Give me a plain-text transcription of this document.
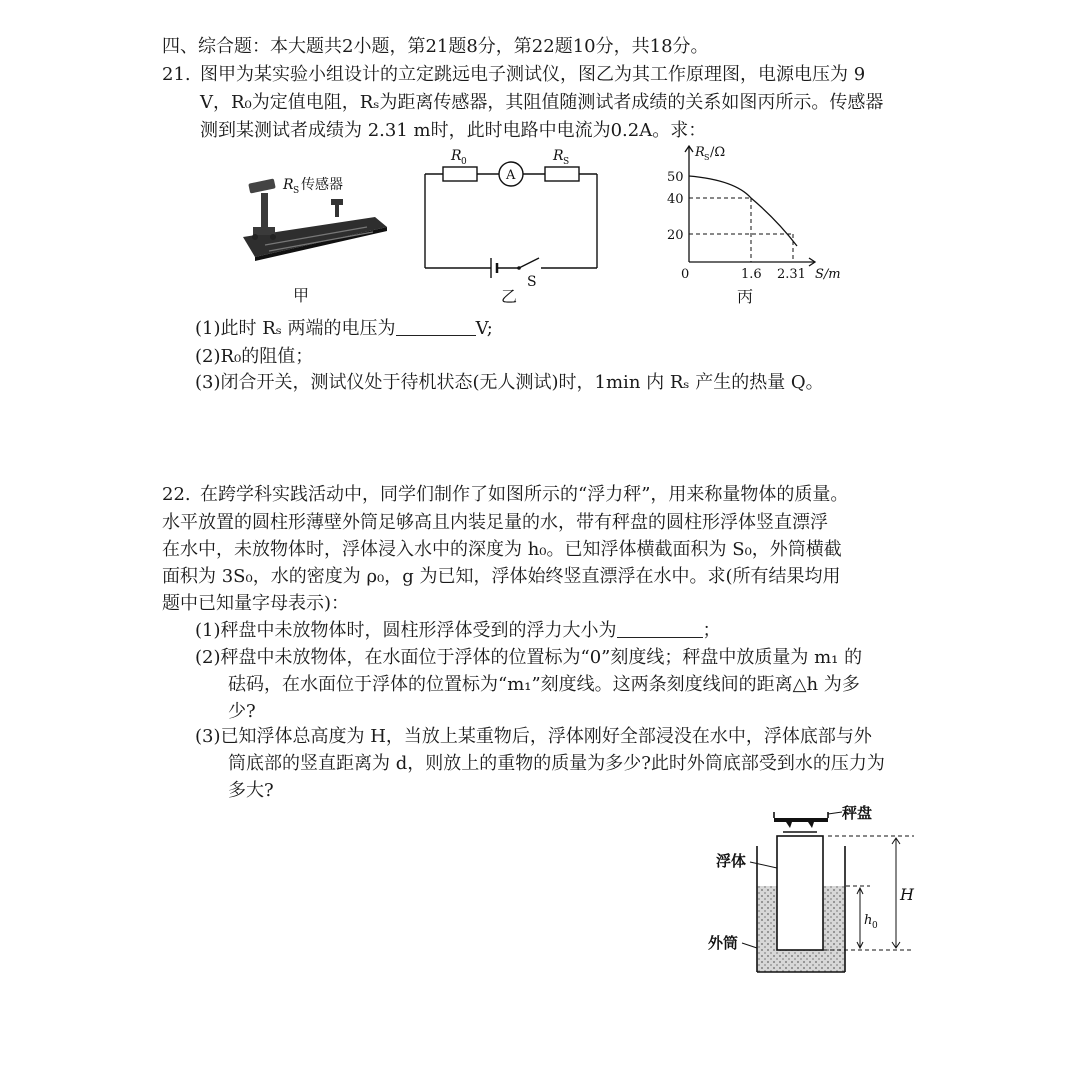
四、综合题：本大题共2小题，第21题8分，第22题10分，共18分。
21. 图甲为某实验小组设计的立定跳远电子测试仪，图乙为其工作原理图，电源电压为 9
V，R₀为定值电阻，Rₛ为距离传感器，其阻值随测试者成绩的关系如图丙所示。传感器
测到某测试者成绩为 2.31 m时，此时电路中电流为0.2A。求：
R S 传感器
甲
R 0
A
R S
S
乙
R S /Ω
50
40
20
0	1.6 2.31 S/m
丙
(1)此时 Rₛ 两端的电压为	V;
(2)R₀的阻值；
(3)闭合开关，测试仪处于待机状态(无人测试)时，1min 内 Rₛ 产生的热量 Q。
22. 在跨学科实践活动中，同学们制作了如图所示的“浮力秤”，用来称量物体的质量。
水平放置的圆柱形薄壁外筒足够高且内装足量的水，带有秤盘的圆柱形浮体竖直漂浮
在水中，未放物体时，浮体浸入水中的深度为 h₀。已知浮体横截面积为 S₀，外筒横截
面积为 3S₀，水的密度为 ρ₀，g 为已知，浮体始终竖直漂浮在水中。求(所有结果均用
题中已知量字母表示)：
(1)秤盘中未放物体时，圆柱形浮体受到的浮力大小为	；
(2)秤盘中未放物体，在水面位于浮体的位置标为“0”刻度线；秤盘中放质量为 m₁ 的
砝码，在水面位于浮体的位置标为“m₁”刻度线。这两条刻度线间的距离△h 为多
少?
(3)已知浮体总高度为 H，当放上某重物后，浮体刚好全部浸没在水中，浮体底部与外
筒底部的竖直距离为 d，则放上的重物的质量为多少?此时外筒底部受到水的压力为
多大?
秤盘
浮体
外筒
H
h 0
